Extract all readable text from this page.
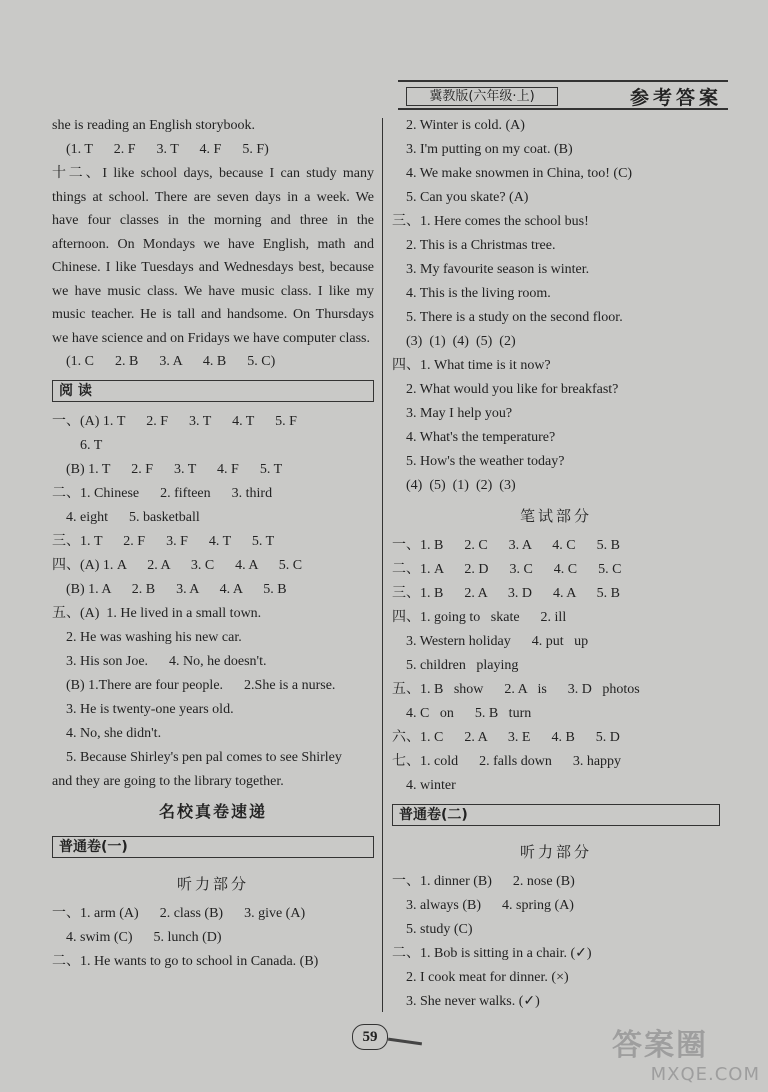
冀教版(六年级·上)	参考答案
she is reading an English storybook.
(1. T      2. F      3. T      4. F      5. F)
十二、I like school days, because I can study many things at school. There are seven days in a week. We have four classes in the morning and three in the afternoon. On Mondays we have English, math and Chinese. I like Tuesdays and Wednesdays best, because we have music class. We have music class. I like my music teacher. He is tall and handsome. On Thursdays we have science and on Fridays we have computer class.
(1. C      2. B      3. A      4. B      5. C)
阅 读
一、(A) 1. T      2. F      3. T      4. T      5. F
6. T
(B) 1. T      2. F      3. T      4. F      5. T
二、1. Chinese      2. fifteen      3. third
4. eight      5. basketball
三、1. T      2. F      3. F      4. T      5. T
四、(A) 1. A      2. A      3. C      4. A      5. C
(B) 1. A      2. B      3. A      4. A      5. B
五、(A)  1. He lived in a small town.
2. He was washing his new car.
3. His son Joe.      4. No, he doesn't.
(B) 1.There are four people.      2.She is a nurse.
3. He is twenty-one years old.
4. No, she didn't.
5. Because Shirley's pen pal comes to see Shirley
and they are going to the library together.
名校真卷速递
普通卷(一)
听力部分
一、1. arm (A)      2. class (B)      3. give (A)
4. swim (C)      5. lunch (D)
二、1. He wants to go to school in Canada. (B)
2. Winter is cold. (A)
3. I'm putting on my coat. (B)
4. We make snowmen in China, too! (C)
5. Can you skate? (A)
三、1. Here comes the school bus!
2. This is a Christmas tree.
3. My favourite season is winter.
4. This is the living room.
5. There is a study on the second floor.
(3)  (1)  (4)  (5)  (2)
四、1. What time is it now?
2. What would you like for breakfast?
3. May I help you?
4. What's the temperature?
5. How's the weather today?
(4)  (5)  (1)  (2)  (3)
笔试部分
一、1. B      2. C      3. A      4. C      5. B
二、1. A      2. D      3. C      4. C      5. C
三、1. B      2. A      3. D      4. A      5. B
四、1. going to   skate      2. ill
3. Western holiday      4. put   up
5. children   playing
五、1. B   show      2. A   is      3. D   photos
4. C   on      5. B   turn
六、1. C      2. A      3. E      4. B      5. D
七、1. cold      2. falls down      3. happy
4. winter
普通卷(二)
听力部分
一、1. dinner (B)      2. nose (B)
3. always (B)      4. spring (A)
5. study (C)
二、1. Bob is sitting in a chair. (✓)
2. I cook meat for dinner. (×)
3. She never walks. (✓)
59	答案圈
MXQE.COM
